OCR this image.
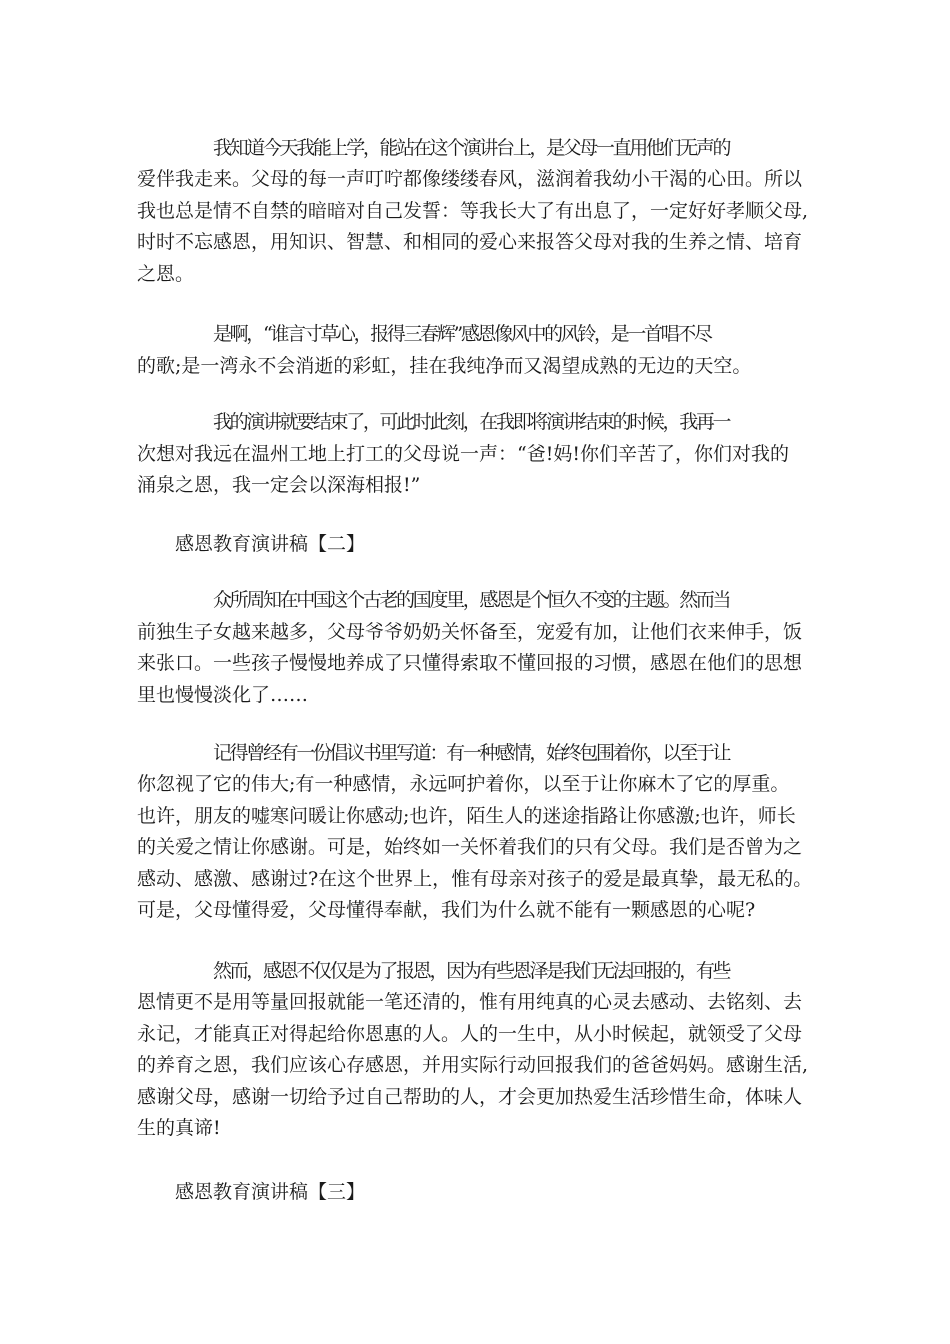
我知道今天我能上学，能站在这个演讲台上，是父母一直用他们无声的
爱伴我走来。父母的每一声叮咛都像缕缕春风，滋润着我幼小干渴的心田。所以
我也总是情不自禁的暗暗对自己发誓：等我长大了有出息了，一定好好孝顺父母,
时时不忘感恩，用知识、智慧、和相同的爱心来报答父母对我的生养之情、培育
之恩。
是啊，“谁言寸草心，报得三春辉”感恩像风中的风铃，是一首唱不尽
的歌;是一湾永不会消逝的彩虹，挂在我纯净而又渴望成熟的无边的天空。
我的演讲就要结束了，可此时此刻，在我即将演讲结束的时候，我再一
次想对我远在温州工地上打工的父母说一声：“爸!妈!你们辛苦了，你们对我的
涌泉之恩，我一定会以深海相报!”
感恩教育演讲稿【二】
众所周知在中国这个古老的国度里，感恩是个恒久不变的主题。然而当
前独生子女越来越多，父母爷爷奶奶关怀备至，宠爱有加，让他们衣来伸手，饭
来张口。一些孩子慢慢地养成了只懂得索取不懂回报的习惯，感恩在他们的思想
里也慢慢淡化了……
记得曾经有一份倡议书里写道：有一种感情，始终包围着你，以至于让
你忽视了它的伟大;有一种感情，永远呵护着你，以至于让你麻木了它的厚重。
也许，朋友的嘘寒问暖让你感动;也许，陌生人的迷途指路让你感激;也许，师长
的关爱之情让你感谢。可是，始终如一关怀着我们的只有父母。我们是否曾为之
感动、感激、感谢过?在这个世界上，惟有母亲对孩子的爱是最真挚，最无私的。
可是，父母懂得爱，父母懂得奉献，我们为什么就不能有一颗感恩的心呢?
然而，感恩不仅仅是为了报恩，因为有些恩泽是我们无法回报的，有些
恩情更不是用等量回报就能一笔还清的，惟有用纯真的心灵去感动、去铭刻、去
永记，才能真正对得起给你恩惠的人。人的一生中，从小时候起，就领受了父母
的养育之恩，我们应该心存感恩，并用实际行动回报我们的爸爸妈妈。感谢生活,
感谢父母，感谢一切给予过自己帮助的人，才会更加热爱生活珍惜生命，体味人
生的真谛!
感恩教育演讲稿【三】
